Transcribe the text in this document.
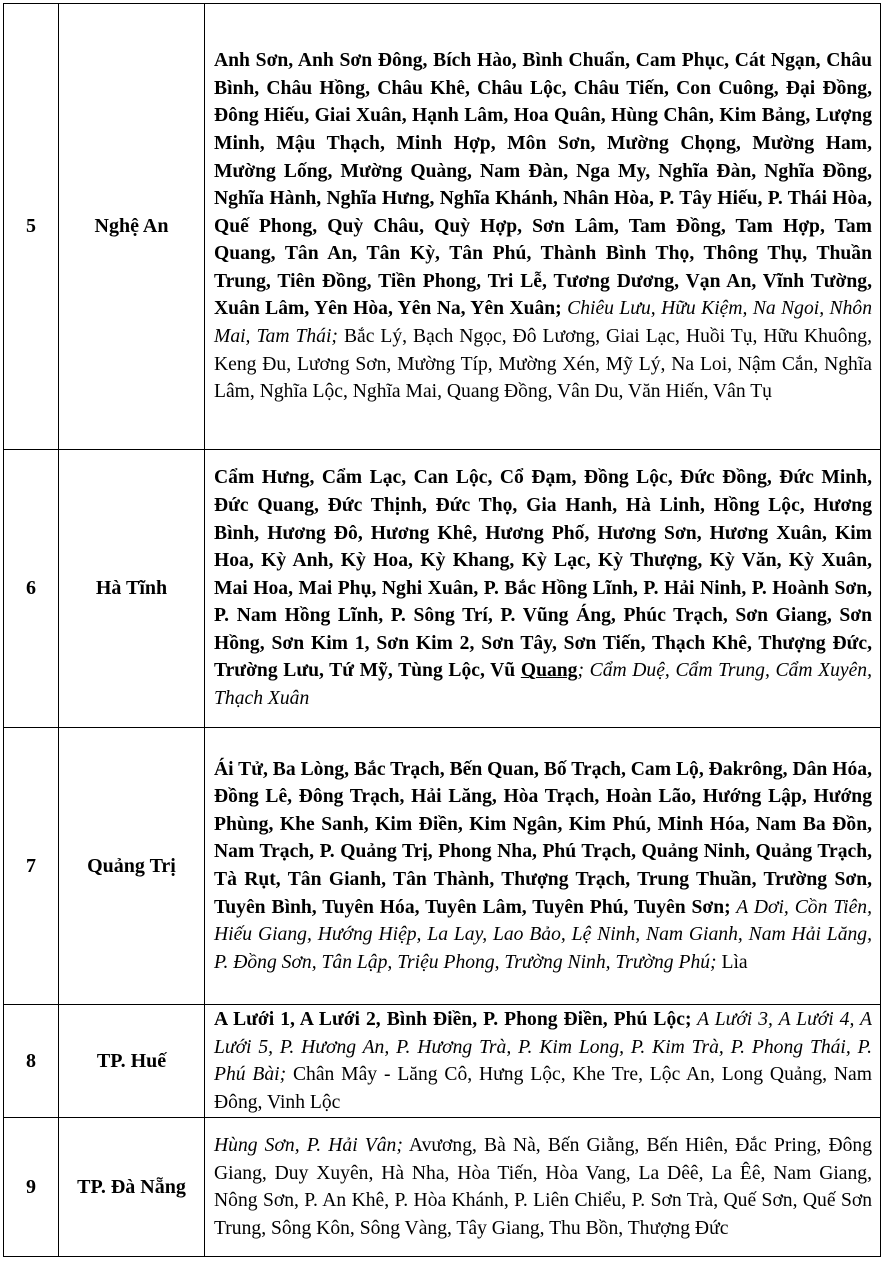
5	Nghệ An	Anh Sơn, Anh Sơn Đông, Bích Hào, Bình Chuẩn, Cam Phục, Cát Ngạn, Châu Bình, Châu Hồng, Châu Khê, Châu Lộc, Châu Tiến, Con Cuông, Đại Đồng, Đông Hiếu, Giai Xuân, Hạnh Lâm, Hoa Quân, Hùng Chân, Kim Bảng, Lượng Minh, Mậu Thạch, Minh Hợp, Môn Sơn, Mường Chọng, Mường Ham, Mường Lống, Mường Quàng, Nam Đàn, Nga My, Nghĩa Đàn, Nghĩa Đồng, Nghĩa Hành, Nghĩa Hưng, Nghĩa Khánh, Nhân Hòa, P. Tây Hiếu, P. Thái Hòa, Quế Phong, Quỳ Châu, Quỳ Hợp, Sơn Lâm, Tam Đồng, Tam Hợp, Tam Quang, Tân An, Tân Kỳ, Tân Phú, Thành Bình Thọ, Thông Thụ, Thuần Trung, Tiên Đồng, Tiền Phong, Tri Lễ, Tương Dương, Vạn An, Vĩnh Tường, Xuân Lâm, Yên Hòa, Yên Na, Yên Xuân; Chiêu Lưu, Hữu Kiệm, Na Ngoi, Nhôn Mai, Tam Thái; Bắc Lý, Bạch Ngọc, Đô Lương, Giai Lạc, Huồi Tụ, Hữu Khuông, Keng Đu, Lương Sơn, Mường Típ, Mường Xén, Mỹ Lý, Na Loi, Nậm Cắn, Nghĩa Lâm, Nghĩa Lộc, Nghĩa Mai, Quang Đồng, Vân Du, Văn Hiến, Vân Tụ
6	Hà Tĩnh	Cẩm Hưng, Cẩm Lạc, Can Lộc, Cổ Đạm, Đồng Lộc, Đức Đồng, Đức Minh, Đức Quang, Đức Thịnh, Đức Thọ, Gia Hanh, Hà Linh, Hồng Lộc, Hương Bình, Hương Đô, Hương Khê, Hương Phố, Hương Sơn, Hương Xuân, Kim Hoa, Kỳ Anh, Kỳ Hoa, Kỳ Khang, Kỳ Lạc, Kỳ Thượng, Kỳ Văn, Kỳ Xuân, Mai Hoa, Mai Phụ, Nghi Xuân, P. Bắc Hồng Lĩnh, P. Hải Ninh, P. Hoành Sơn, P. Nam Hồng Lĩnh, P. Sông Trí, P. Vũng Áng, Phúc Trạch, Sơn Giang, Sơn Hồng, Sơn Kim 1, Sơn Kim 2, Sơn Tây, Sơn Tiến, Thạch Khê, Thượng Đức, Trường Lưu, Tứ Mỹ, Tùng Lộc, Vũ Quang; Cẩm Duệ, Cẩm Trung, Cẩm Xuyên, Thạch Xuân
7	Quảng Trị	Ái Tử, Ba Lòng, Bắc Trạch, Bến Quan, Bố Trạch, Cam Lộ, Đakrông, Dân Hóa, Đồng Lê, Đông Trạch, Hải Lăng, Hòa Trạch, Hoàn Lão, Hướng Lập, Hướng Phùng, Khe Sanh, Kim Điền, Kim Ngân, Kim Phú, Minh Hóa, Nam Ba Đồn, Nam Trạch, P. Quảng Trị, Phong Nha, Phú Trạch, Quảng Ninh, Quảng Trạch, Tà Rụt, Tân Gianh, Tân Thành, Thượng Trạch, Trung Thuần, Trường Sơn, Tuyên Bình, Tuyên Hóa, Tuyên Lâm, Tuyên Phú, Tuyên Sơn; A Dơi, Cồn Tiên, Hiếu Giang, Hướng Hiệp, La Lay, Lao Bảo, Lệ Ninh, Nam Gianh, Nam Hải Lăng, P. Đồng Sơn, Tân Lập, Triệu Phong, Trường Ninh, Trường Phú; Lìa
8	TP. Huế	A Lưới 1, A Lưới 2, Bình Điền, P. Phong Điền, Phú Lộc; A Lưới 3, A Lưới 4, A Lưới 5, P. Hương An, P. Hương Trà, P. Kim Long, P. Kim Trà, P. Phong Thái, P. Phú Bài; Chân Mây - Lăng Cô, Hưng Lộc, Khe Tre, Lộc An, Long Quảng, Nam Đông, Vinh Lộc
9	TP. Đà Nẵng	Hùng Sơn, P. Hải Vân; Avương, Bà Nà, Bến Giằng, Bến Hiên, Đắc Pring, Đông Giang, Duy Xuyên, Hà Nha, Hòa Tiến, Hòa Vang, La Dêê, La Êê, Nam Giang, Nông Sơn, P. An Khê, P. Hòa Khánh, P. Liên Chiểu, P. Sơn Trà, Quế Sơn, Quế Sơn Trung, Sông Kôn, Sông Vàng, Tây Giang, Thu Bồn, Thượng Đức
